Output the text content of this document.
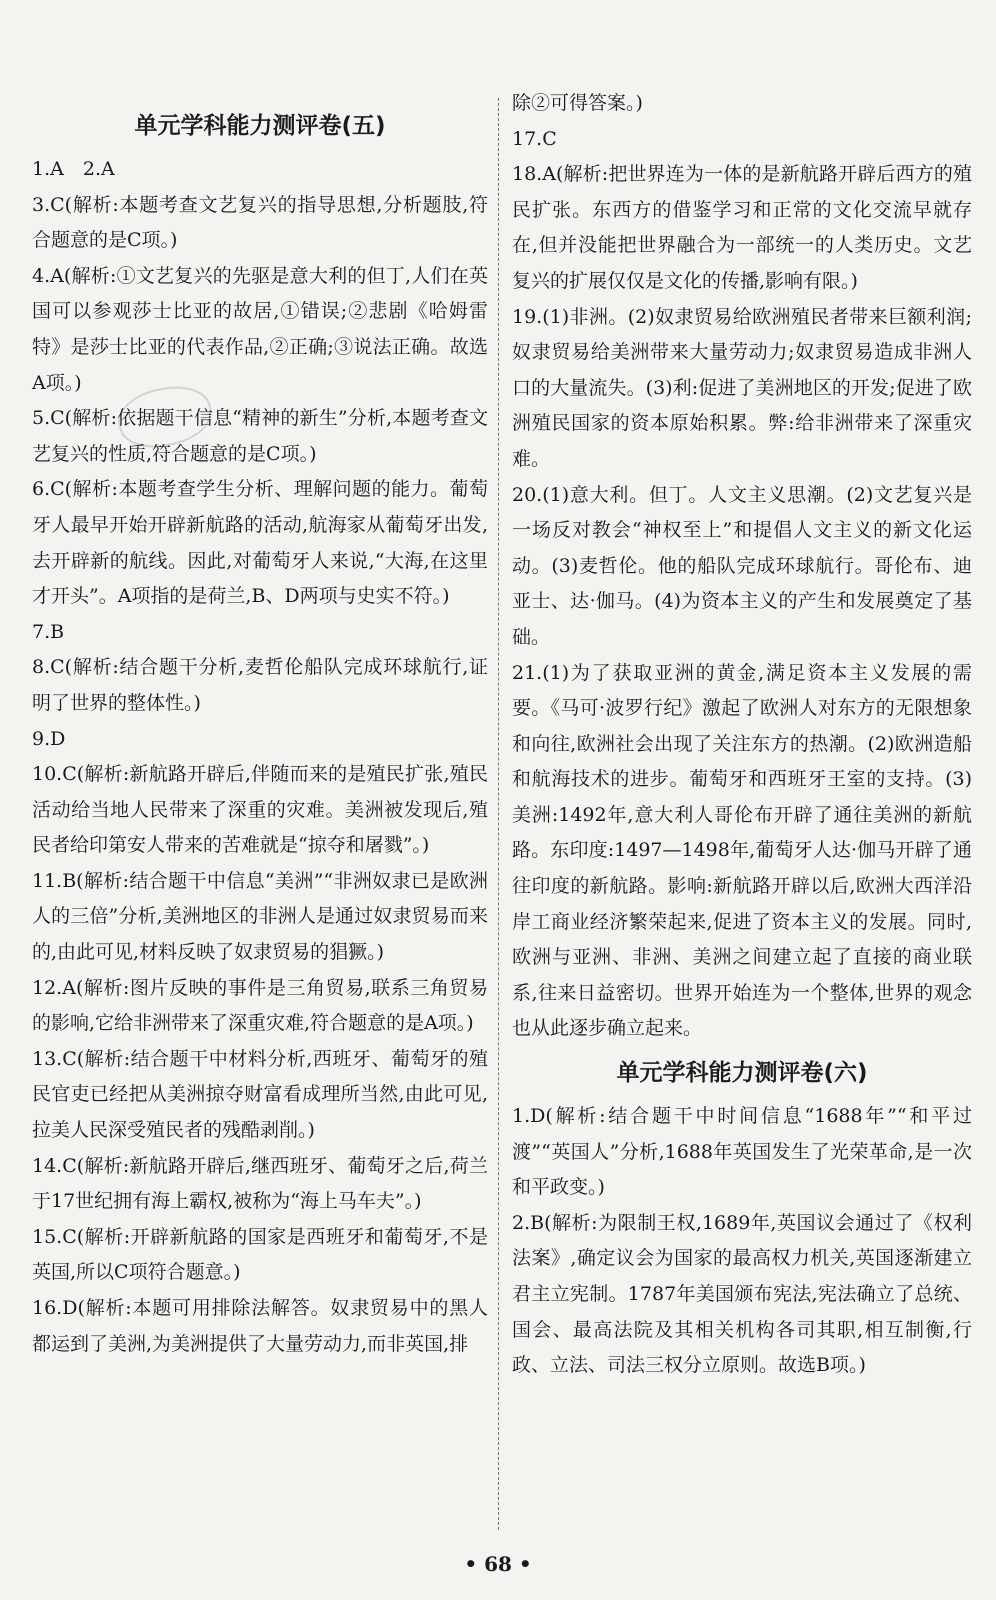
单元学科能力测评卷(五)

1.A　2.A

3.C(解析:本题考查文艺复兴的指导思想,分析题肢,符合题意的是C项。)

4.A(解析:①文艺复兴的先驱是意大利的但丁,人们在英国可以参观莎士比亚的故居,①错误;②悲剧《哈姆雷特》是莎士比亚的代表作品,②正确;③说法正确。故选A项。)

5.C(解析:依据题干信息“精神的新生”分析,本题考查文艺复兴的性质,符合题意的是C项。)

6.C(解析:本题考查学生分析、理解问题的能力。葡萄牙人最早开始开辟新航路的活动,航海家从葡萄牙出发,去开辟新的航线。因此,对葡萄牙人来说,“大海,在这里才开头”。A项指的是荷兰,B、D两项与史实不符。)

7.B

8.C(解析:结合题干分析,麦哲伦船队完成环球航行,证明了世界的整体性。)

9.D

10.C(解析:新航路开辟后,伴随而来的是殖民扩张,殖民活动给当地人民带来了深重的灾难。美洲被发现后,殖民者给印第安人带来的苦难就是“掠夺和屠戮”。)

11.B(解析:结合题干中信息“美洲”“非洲奴隶已是欧洲人的三倍”分析,美洲地区的非洲人是通过奴隶贸易而来的,由此可见,材料反映了奴隶贸易的猖獗。)

12.A(解析:图片反映的事件是三角贸易,联系三角贸易的影响,它给非洲带来了深重灾难,符合题意的是A项。)

13.C(解析:结合题干中材料分析,西班牙、葡萄牙的殖民官吏已经把从美洲掠夺财富看成理所当然,由此可见,拉美人民深受殖民者的残酷剥削。)

14.C(解析:新航路开辟后,继西班牙、葡萄牙之后,荷兰于17世纪拥有海上霸权,被称为“海上马车夫”。)

15.C(解析:开辟新航路的国家是西班牙和葡萄牙,不是英国,所以C项符合题意。)

16.D(解析:本题可用排除法解答。奴隶贸易中的黑人都运到了美洲,为美洲提供了大量劳动力,而非英国,排

除②可得答案。)

17.C

18.A(解析:把世界连为一体的是新航路开辟后西方的殖民扩张。东西方的借鉴学习和正常的文化交流早就存在,但并没能把世界融合为一部统一的人类历史。文艺复兴的扩展仅仅是文化的传播,影响有限。)

19.(1)非洲。(2)奴隶贸易给欧洲殖民者带来巨额利润;奴隶贸易给美洲带来大量劳动力;奴隶贸易造成非洲人口的大量流失。(3)利:促进了美洲地区的开发;促进了欧洲殖民国家的资本原始积累。弊:给非洲带来了深重灾难。

20.(1)意大利。但丁。人文主义思潮。(2)文艺复兴是一场反对教会“神权至上”和提倡人文主义的新文化运动。(3)麦哲伦。他的船队完成环球航行。哥伦布、迪亚士、达·伽马。(4)为资本主义的产生和发展奠定了基础。

21.(1)为了获取亚洲的黄金,满足资本主义发展的需要。《马可·波罗行纪》激起了欧洲人对东方的无限想象和向往,欧洲社会出现了关注东方的热潮。(2)欧洲造船和航海技术的进步。葡萄牙和西班牙王室的支持。(3)美洲:1492年,意大利人哥伦布开辟了通往美洲的新航路。东印度:1497—1498年,葡萄牙人达·伽马开辟了通往印度的新航路。影响:新航路开辟以后,欧洲大西洋沿岸工商业经济繁荣起来,促进了资本主义的发展。同时,欧洲与亚洲、非洲、美洲之间建立起了直接的商业联系,往来日益密切。世界开始连为一个整体,世界的观念也从此逐步确立起来。

单元学科能力测评卷(六)

1.D(解析:结合题干中时间信息“1688年”“和平过渡”“英国人”分析,1688年英国发生了光荣革命,是一次和平政变。)

2.B(解析:为限制王权,1689年,英国议会通过了《权利法案》,确定议会为国家的最高权力机关,英国逐渐建立君主立宪制。1787年美国颁布宪法,宪法确立了总统、国会、最高法院及其相关机构各司其职,相互制衡,行政、立法、司法三权分立原则。故选B项。)

• 68 •
